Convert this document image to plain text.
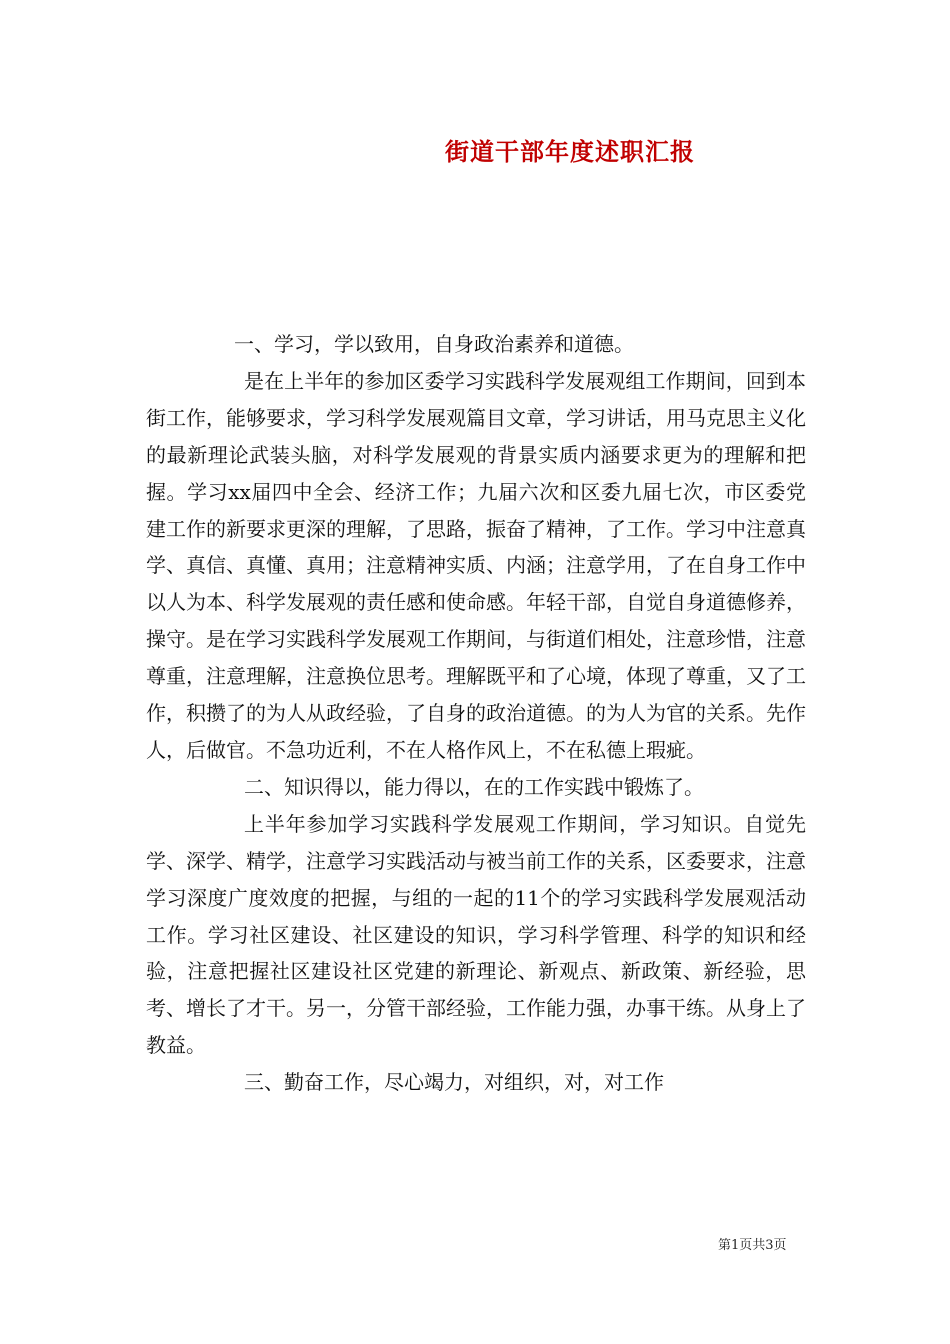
街道干部年度述职汇报

一、学习，学以致用，自身政治素养和道德。

是在上半年的参加区委学习实践科学发展观组工作期间，回到本街工作，能够要求，学习科学发展观篇目文章，学习讲话，用马克思主义化的最新理论武装头脑，对科学发展观的背景实质内涵要求更为的理解和把握。学习xx届四中全会、经济工作；九届六次和区委九届七次，市区委党建工作的新要求更深的理解，了思路，振奋了精神，了工作。学习中注意真学、真信、真懂、真用；注意精神实质、内涵；注意学用，了在自身工作中以人为本、科学发展观的责任感和使命感。年轻干部，自觉自身道德修养，操守。是在学习实践科学发展观工作期间，与街道们相处，注意珍惜，注意尊重，注意理解，注意换位思考。理解既平和了心境，体现了尊重，又了工作，积攒了的为人从政经验，了自身的政治道德。的为人为官的关系。先作人，后做官。不急功近利，不在人格作风上，不在私德上瑕疵。

二、知识得以，能力得以，在的工作实践中锻炼了。

上半年参加学习实践科学发展观工作期间，学习知识。自觉先学、深学、精学，注意学习实践活动与被当前工作的关系，区委要求，注意学习深度广度效度的把握，与组的一起的11个的学习实践科学发展观活动工作。学习社区建设、社区建设的知识，学习科学管理、科学的知识和经验，注意把握社区建设社区党建的新理论、新观点、新政策、新经验，思考、增长了才干。另一，分管干部经验，工作能力强，办事干练。从身上了教益。

三、勤奋工作，尽心竭力，对组织，对，对工作

第1页共3页
